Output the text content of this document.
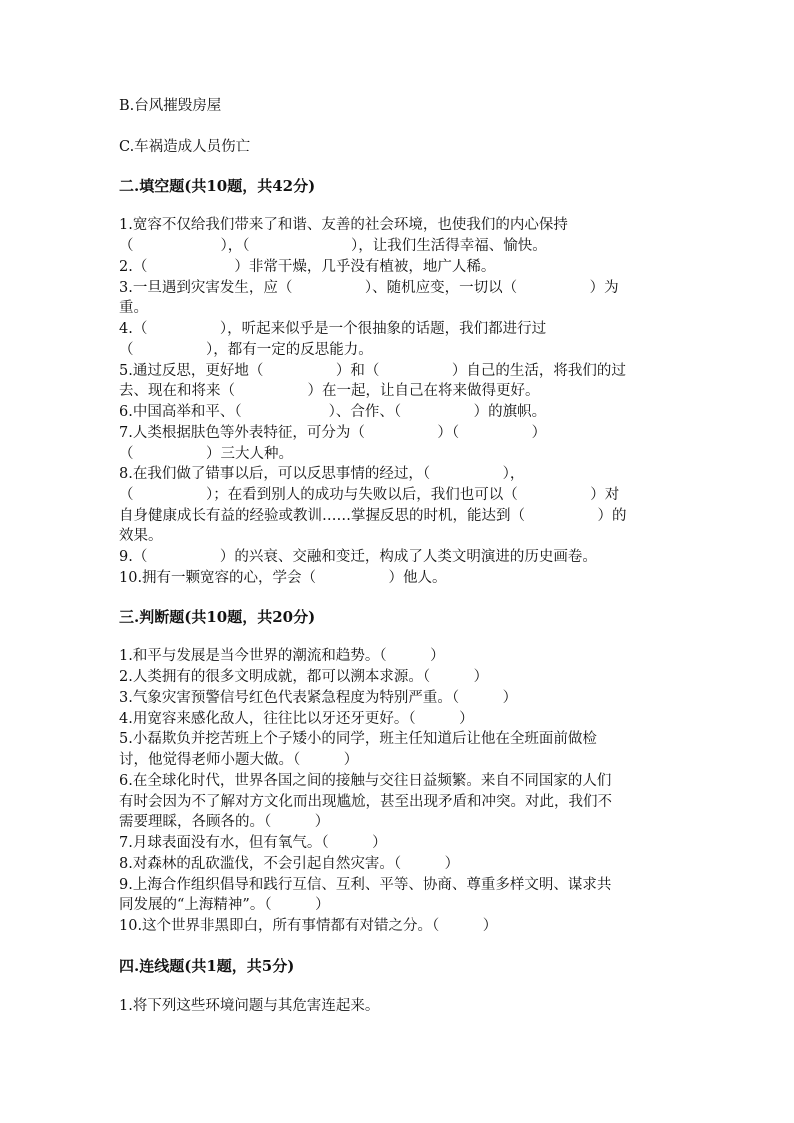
B.台风摧毁房屋
C.车祸造成人员伤亡
二.填空题(共10题，共42分)
1.宽容不仅给我们带来了和谐、友善的社会环境，也使我们的内心保持
（　　　　　　），（　　　　　　　），让我们生活得幸福、愉快。
2.（　　　　　　）非常干燥，几乎没有植被，地广人稀。
3.一旦遇到灾害发生，应（　　　　　）、随机应变，一切以（　　　　　）为
重。
4.（　　　　　），听起来似乎是一个很抽象的话题，我们都进行过
（　　　　　），都有一定的反思能力。
5.通过反思，更好地（　　　　　）和（　　　　　）自己的生活，将我们的过
去、现在和将来（　　　　　）在一起，让自己在将来做得更好。
6.中国高举和平、（　　　　　　）、合作、（　　　　　）的旗帜。
7.人类根据肤色等外表特征，可分为（　　　　　）（　　　　　）
（　　　　　）三大人种。
8.在我们做了错事以后，可以反思事情的经过，（　　　　　），
（　　　　　）；在看到别人的成功与失败以后，我们也可以（　　　　　）对
自身健康成长有益的经验或教训……掌握反思的时机，能达到（　　　　　）的
效果。
9.（　　　　　）的兴衰、交融和变迁，构成了人类文明演进的历史画卷。
10.拥有一颗宽容的心，学会（　　　　　）他人。
三.判断题(共10题，共20分)
1.和平与发展是当今世界的潮流和趋势。（　　　）
2.人类拥有的很多文明成就，都可以溯本求源。（　　　）
3.气象灾害预警信号红色代表紧急程度为特别严重。（　　　）
4.用宽容来感化敌人，往往比以牙还牙更好。（　　　）
5.小磊欺负并挖苦班上个子矮小的同学，班主任知道后让他在全班面前做检
讨，他觉得老师小题大做。（　　　）
6.在全球化时代，世界各国之间的接触与交往日益频繁。来自不同国家的人们
有时会因为不了解对方文化而出现尴尬，甚至出现矛盾和冲突。对此，我们不
需要理睬，各顾各的。（　　　）
7.月球表面没有水，但有氧气。（　　　）
8.对森林的乱砍滥伐，不会引起自然灾害。（　　　）
9.上海合作组织倡导和践行互信、互利、平等、协商、尊重多样文明、谋求共
同发展的“上海精神”。（　　　）
10.这个世界非黑即白，所有事情都有对错之分。（　　　）
四.连线题(共1题，共5分)
1.将下列这些环境问题与其危害连起来。
